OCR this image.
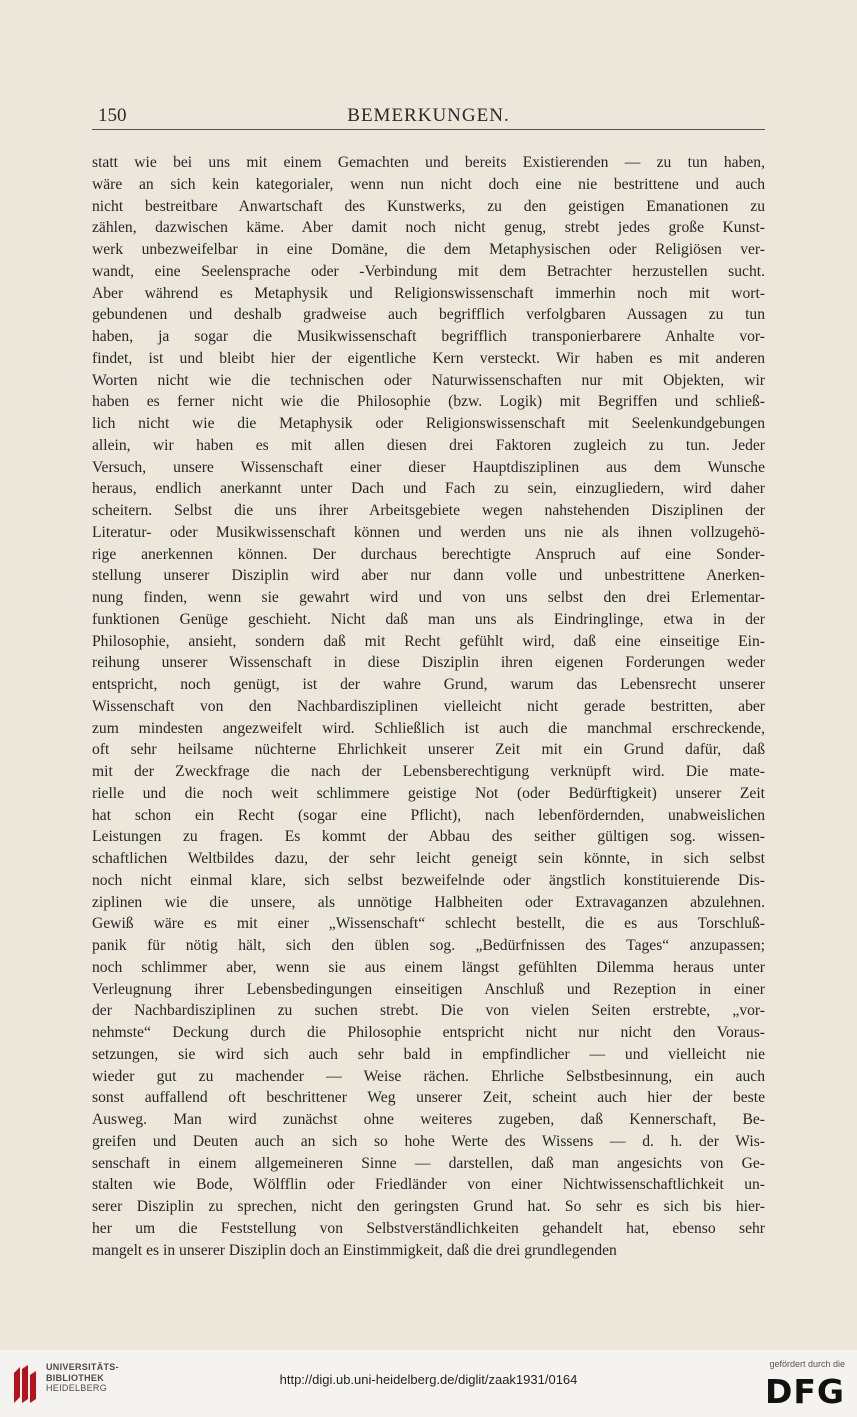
150	BEMERKUNGEN.
statt wie bei uns mit einem Gemachten und bereits Existierenden — zu tun haben,
wäre an sich kein kategorialer, wenn nun nicht doch eine nie bestrittene und auch
nicht bestreitbare Anwartschaft des Kunstwerks, zu den geistigen Emanationen zu
zählen, dazwischen käme. Aber damit noch nicht genug, strebt jedes große Kunst-
werk unbezweifelbar in eine Domäne, die dem Metaphysischen oder Religiösen ver-
wandt, eine Seelensprache oder -Verbindung mit dem Betrachter herzustellen sucht.
Aber während es Metaphysik und Religionswissenschaft immerhin noch mit wort-
gebundenen und deshalb gradweise auch begrifflich verfolgbaren Aussagen zu tun
haben, ja sogar die Musikwissenschaft begrifflich transponierbarere Anhalte vor-
findet, ist und bleibt hier der eigentliche Kern versteckt. Wir haben es mit anderen
Worten nicht wie die technischen oder Naturwissenschaften nur mit Objekten, wir
haben es ferner nicht wie die Philosophie (bzw. Logik) mit Begriffen und schließ-
lich nicht wie die Metaphysik oder Religionswissenschaft mit Seelenkundgebungen
allein, wir haben es mit allen diesen drei Faktoren zugleich zu tun. Jeder
Versuch, unsere Wissenschaft einer dieser Hauptdisziplinen aus dem Wunsche
heraus, endlich anerkannt unter Dach und Fach zu sein, einzugliedern, wird daher
scheitern. Selbst die uns ihrer Arbeitsgebiete wegen nahstehenden Disziplinen der
Literatur- oder Musikwissenschaft können und werden uns nie als ihnen vollzugehö-
rige anerkennen können. Der durchaus berechtigte Anspruch auf eine Sonder-
stellung unserer Disziplin wird aber nur dann volle und unbestrittene Anerken-
nung finden, wenn sie gewahrt wird und von uns selbst den drei Erlementar-
funktionen Genüge geschieht. Nicht daß man uns als Eindringlinge, etwa in der
Philosophie, ansieht, sondern daß mit Recht gefühlt wird, daß eine einseitige Ein-
reihung unserer Wissenschaft in diese Disziplin ihren eigenen Forderungen weder
entspricht, noch genügt, ist der wahre Grund, warum das Lebensrecht unserer
Wissenschaft von den Nachbardisziplinen vielleicht nicht gerade bestritten, aber
zum mindesten angezweifelt wird. Schließlich ist auch die manchmal erschreckende,
oft sehr heilsame nüchterne Ehrlichkeit unserer Zeit mit ein Grund dafür, daß
mit der Zweckfrage die nach der Lebensberechtigung verknüpft wird. Die mate-
rielle und die noch weit schlimmere geistige Not (oder Bedürftigkeit) unserer Zeit
hat schon ein Recht (sogar eine Pflicht), nach lebenfördernden, unabweislichen
Leistungen zu fragen. Es kommt der Abbau des seither gültigen sog. wissen-
schaftlichen Weltbildes dazu, der sehr leicht geneigt sein könnte, in sich selbst
noch nicht einmal klare, sich selbst bezweifelnde oder ängstlich konstituierende Dis-
ziplinen wie die unsere, als unnötige Halbheiten oder Extravaganzen abzulehnen.
Gewiß wäre es mit einer „Wissenschaft“ schlecht bestellt, die es aus Torschluß-
panik für nötig hält, sich den üblen sog. „Bedürfnissen des Tages“ anzupassen;
noch schlimmer aber, wenn sie aus einem längst gefühlten Dilemma heraus unter
Verleugnung ihrer Lebensbedingungen einseitigen Anschluß und Rezeption in einer
der Nachbardisziplinen zu suchen strebt. Die von vielen Seiten erstrebte, „vor-
nehmste“ Deckung durch die Philosophie entspricht nicht nur nicht den Voraus-
setzungen, sie wird sich auch sehr bald in empfindlicher — und vielleicht nie
wieder gut zu machender — Weise rächen. Ehrliche Selbstbesinnung, ein auch
sonst auffallend oft beschrittener Weg unserer Zeit, scheint auch hier der beste
Ausweg. Man wird zunächst ohne weiteres zugeben, daß Kennerschaft, Be-
greifen und Deuten auch an sich so hohe Werte des Wissens — d. h. der Wis-
senschaft in einem allgemeineren Sinne — darstellen, daß man angesichts von Ge-
stalten wie Bode, Wölfflin oder Friedländer von einer Nichtwissenschaftlichkeit un-
serer Disziplin zu sprechen, nicht den geringsten Grund hat. So sehr es sich bis hier-
her um die Feststellung von Selbstverständlichkeiten gehandelt hat, ebenso sehr
mangelt es in unserer Disziplin doch an Einstimmigkeit, daß die drei grundlegenden
UNIVERSITÄTS-
BIBLIOTHEK
HEIDELBERG
http://digi.ub.uni-heidelberg.de/diglit/zaak1931/0164
gefördert durch die
DFG
